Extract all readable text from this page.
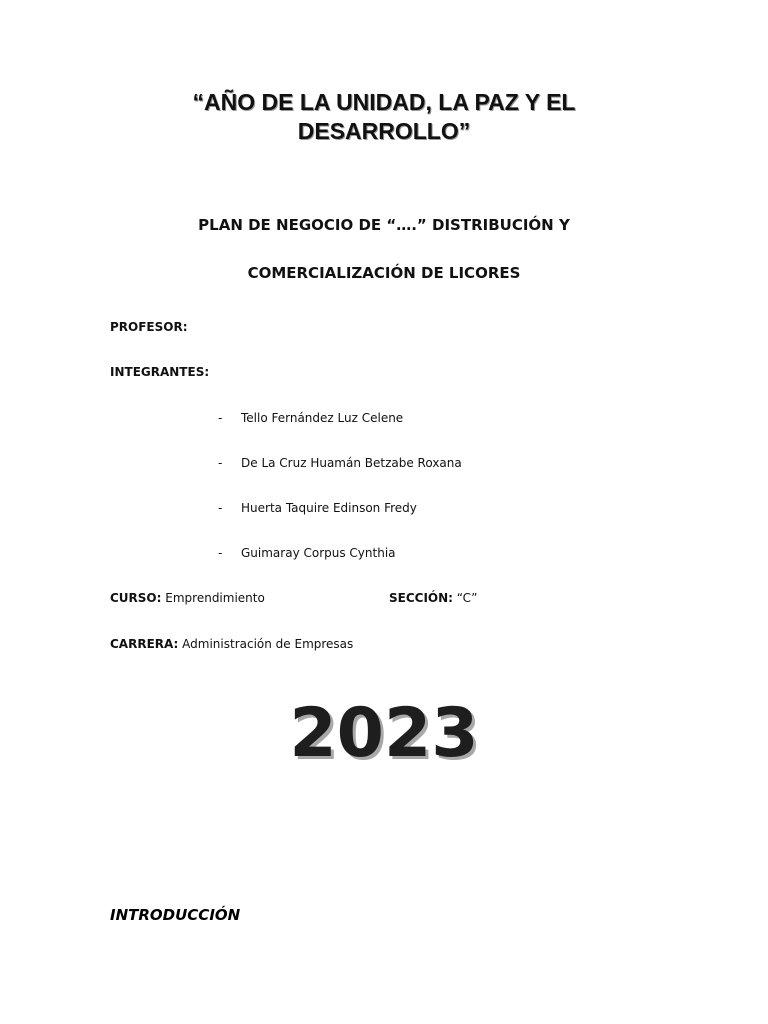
“AÑO DE LA UNIDAD, LA PAZ Y EL
DESARROLLO”
PLAN DE NEGOCIO DE “….” DISTRIBUCIÓN Y
COMERCIALIZACIÓN DE LICORES
PROFESOR:
INTEGRANTES:
- Tello Fernández Luz Celene
- De La Cruz Huamán Betzabe Roxana
- Huerta Taquire Edinson Fredy
- Guimaray Corpus Cynthia
CURSO: Emprendimiento	SECCIÓN: “C”
CARRERA: Administración de Empresas
2023
INTRODUCCIÓN
